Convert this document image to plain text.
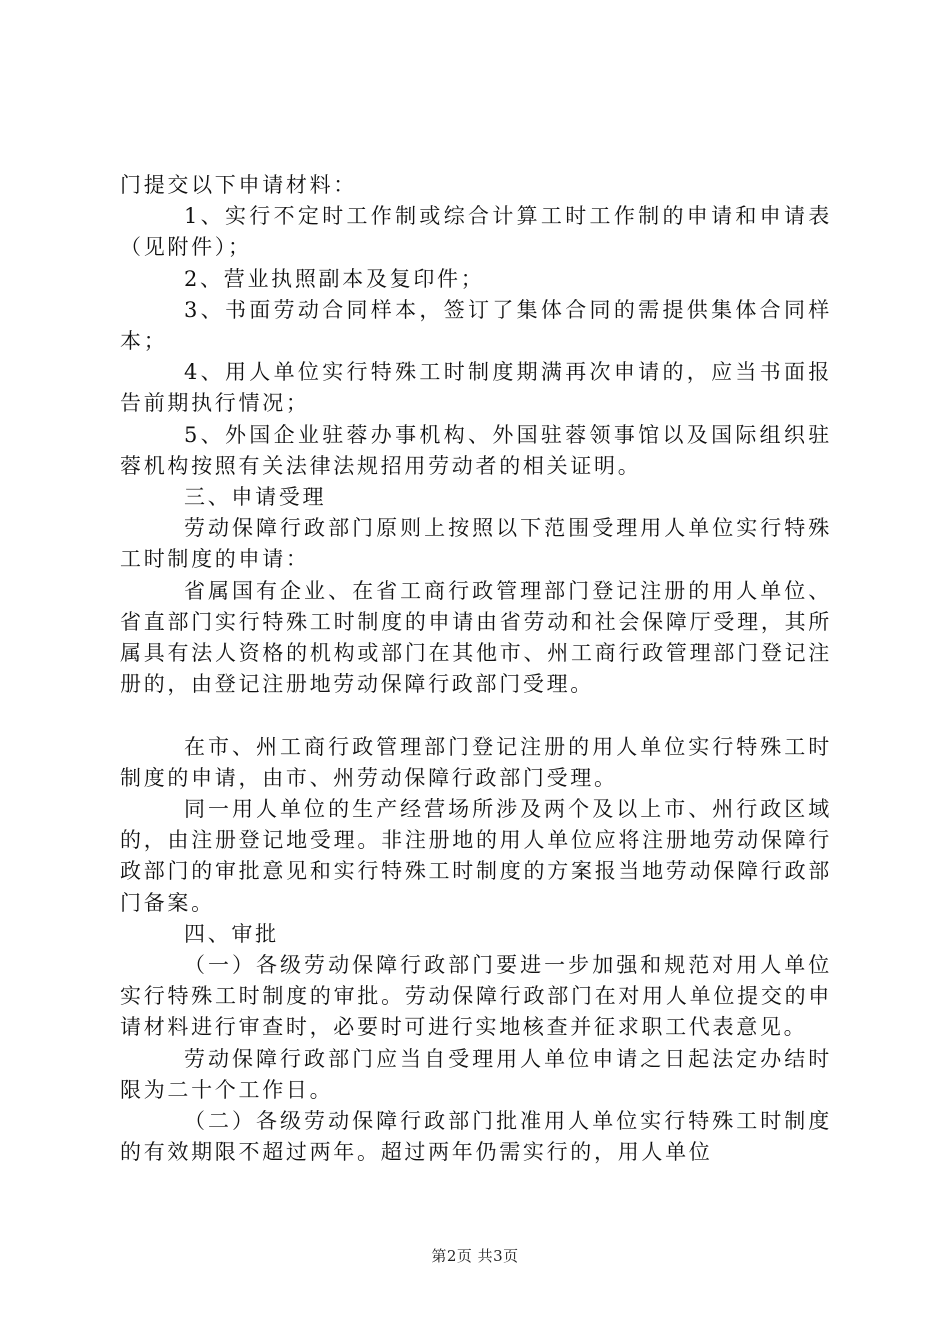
门提交以下申请材料：

1、实行不定时工作制或综合计算工时工作制的申请和申请表（见附件）；

2、营业执照副本及复印件；

3、书面劳动合同样本，签订了集体合同的需提供集体合同样本；

4、用人单位实行特殊工时制度期满再次申请的，应当书面报告前期执行情况；

5、外国企业驻蓉办事机构、外国驻蓉领事馆以及国际组织驻蓉机构按照有关法律法规招用劳动者的相关证明。

三、申请受理

劳动保障行政部门原则上按照以下范围受理用人单位实行特殊工时制度的申请：

省属国有企业、在省工商行政管理部门登记注册的用人单位、省直部门实行特殊工时制度的申请由省劳动和社会保障厅受理，其所属具有法人资格的机构或部门在其他市、州工商行政管理部门登记注册的，由登记注册地劳动保障行政部门受理。

在市、州工商行政管理部门登记注册的用人单位实行特殊工时制度的申请，由市、州劳动保障行政部门受理。

同一用人单位的生产经营场所涉及两个及以上市、州行政区域的，由注册登记地受理。非注册地的用人单位应将注册地劳动保障行政部门的审批意见和实行特殊工时制度的方案报当地劳动保障行政部门备案。

四、审批

（一）各级劳动保障行政部门要进一步加强和规范对用人单位实行特殊工时制度的审批。劳动保障行政部门在对用人单位提交的申请材料进行审查时，必要时可进行实地核查并征求职工代表意见。

劳动保障行政部门应当自受理用人单位申请之日起法定办结时限为二十个工作日。

（二）各级劳动保障行政部门批准用人单位实行特殊工时制度的有效期限不超过两年。超过两年仍需实行的，用人单位

第2页 共3页
